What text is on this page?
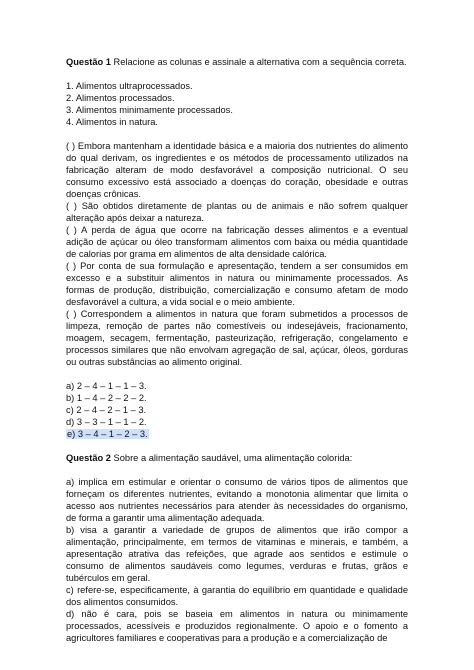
Questão 1 Relacione as colunas e assinale a alternativa com a sequência correta.

1. Alimentos ultraprocessados.

2. Alimentos processados.

3. Alimentos minimamente processados.

4. Alimentos in natura.

( ) Embora mantenham a identidade básica e a maioria dos nutrientes do alimento do qual derivam, os ingredientes e os métodos de processamento utilizados na fabricação alteram de modo desfavorável a composição nutricional. O seu consumo excessivo está associado a doenças do coração, obesidade e outras doenças crônicas.

( ) São obtidos diretamente de plantas ou de animais e não sofrem qualquer alteração após deixar a natureza.

( ) A perda de água que ocorre na fabricação desses alimentos e a eventual adição de açúcar ou óleo transformam alimentos com baixa ou média quantidade de calorias por grama em alimentos de alta densidade calórica.

( ) Por conta de sua formulação e apresentação, tendem a ser consumidos em excesso e a substituir alimentos in natura ou minimamente processados. As formas de produção, distribuição, comercialização e consumo afetam de modo desfavorável a cultura, a vida social e o meio ambiente.

( ) Correspondem a alimentos in natura que foram submetidos a processos de limpeza, remoção de partes não comestíveis ou indesejáveis, fracionamento, moagem, secagem, fermentação, pasteurização, refrigeração, congelamento e processos similares que não envolvam agregação de sal, açúcar, óleos, gorduras ou outras substâncias ao alimento original.

a) 2 – 4 – 1 – 1 – 3.

b) 1 – 4 – 2 – 2 – 2.

c) 2 – 4 – 2 – 1 – 3.

d) 3 – 3 – 1 – 1 – 2.

e) 3 – 4 – 1 – 2 – 3.

Questão 2 Sobre a alimentação saudável, uma alimentação colorida:

a) implica em estimular e orientar o consumo de vários tipos de alimentos que forneçam os diferentes nutrientes, evitando a monotonia alimentar que limita o acesso aos nutrientes necessários para atender às necessidades do organismo, de forma a garantir uma alimentação adequada.

b) visa a garantir a variedade de grupos de alimentos que irão compor a alimentação, principalmente, em termos de vitaminas e minerais, e também, a apresentação atrativa das refeições, que agrade aos sentidos e estimule o consumo de alimentos saudáveis como legumes, verduras e frutas, grãos e tubérculos em geral.

c) refere-se, especificamente, à garantia do equilíbrio em quantidade e qualidade dos alimentos consumidos.

d) não é cara, pois se baseia em alimentos in natura ou minimamente processados, acessíveis e produzidos regionalmente. O apoio e o fomento a agricultores familiares e cooperativas para a produção e a comercialização de
